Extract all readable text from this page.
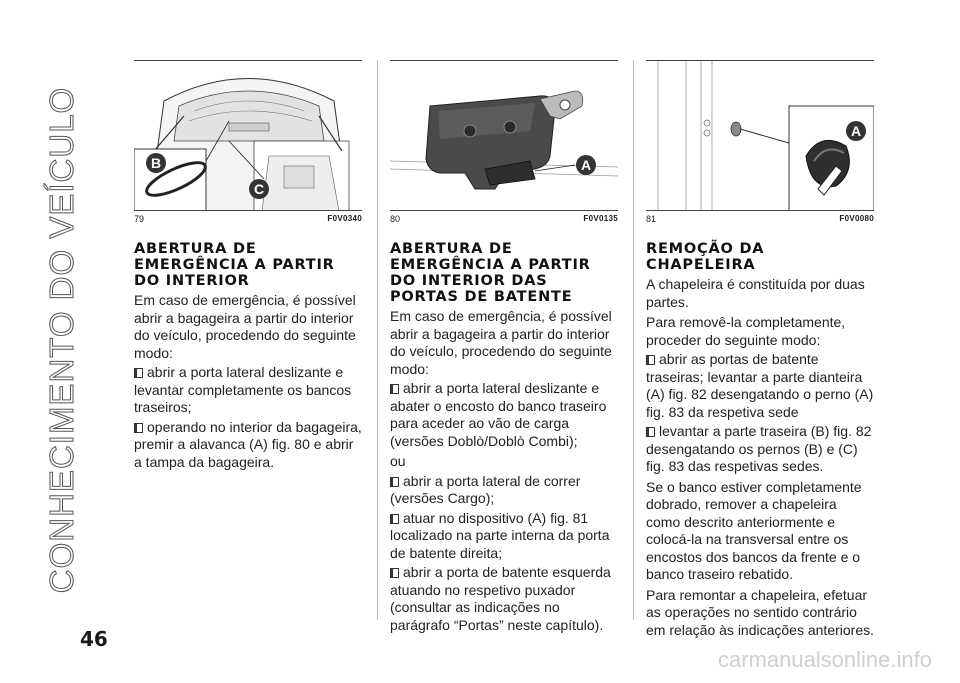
CONHECIMENTO DO VEÍCULO	B
C
79	F0V0340
ABERTURA DE EMERGÊNCIA A PARTIR DO INTERIOR

Em caso de emergência, é possível abrir a bagageira a partir do interior do veículo, procedendo do seguinte modo:

abrir a porta lateral deslizante e levantar completamente os bancos traseiros;

operando no interior da bagageira, premir a alavanca (A) fig. 80 e abrir a tampa da bagageira.

A
80	F0V0135
ABERTURA DE EMERGÊNCIA A PARTIR DO INTERIOR DAS PORTAS DE BATENTE

Em caso de emergência, é possível abrir a bagageira a partir do interior do veículo, procedendo do seguinte modo:

abrir a porta lateral deslizante e abater o encosto do banco traseiro para aceder ao vão de carga (versões Doblò/Doblò Combi);

ou

abrir a porta lateral de correr (versões Cargo);

atuar no dispositivo (A) fig. 81 localizado na parte interna da porta de batente direita;

abrir a porta de batente esquerda atuando no respetivo puxador (consultar as indicações no parágrafo “Portas” neste capítulo).

A
81	F0V0080
REMOÇÃO DA CHAPELEIRA

A chapeleira é constituída por duas partes.

Para removê-la completamente, proceder do seguinte modo:

abrir as portas de batente traseiras; levantar a parte dianteira (A) fig. 82 desengatando o perno (A) fig. 83 da respetiva sede

levantar a parte traseira (B) fig. 82 desengatando os pernos (B) e (C) fig. 83 das respetivas sedes.

Se o banco estiver completamente dobrado, remover a chapeleira como descrito anteriormente e colocá-la na transversal entre os encostos dos bancos da frente e o banco traseiro rebatido.

Para remontar a chapeleira, efetuar as operações no sentido contrário em relação às indicações anteriores.

46
carmanualsonline.info
